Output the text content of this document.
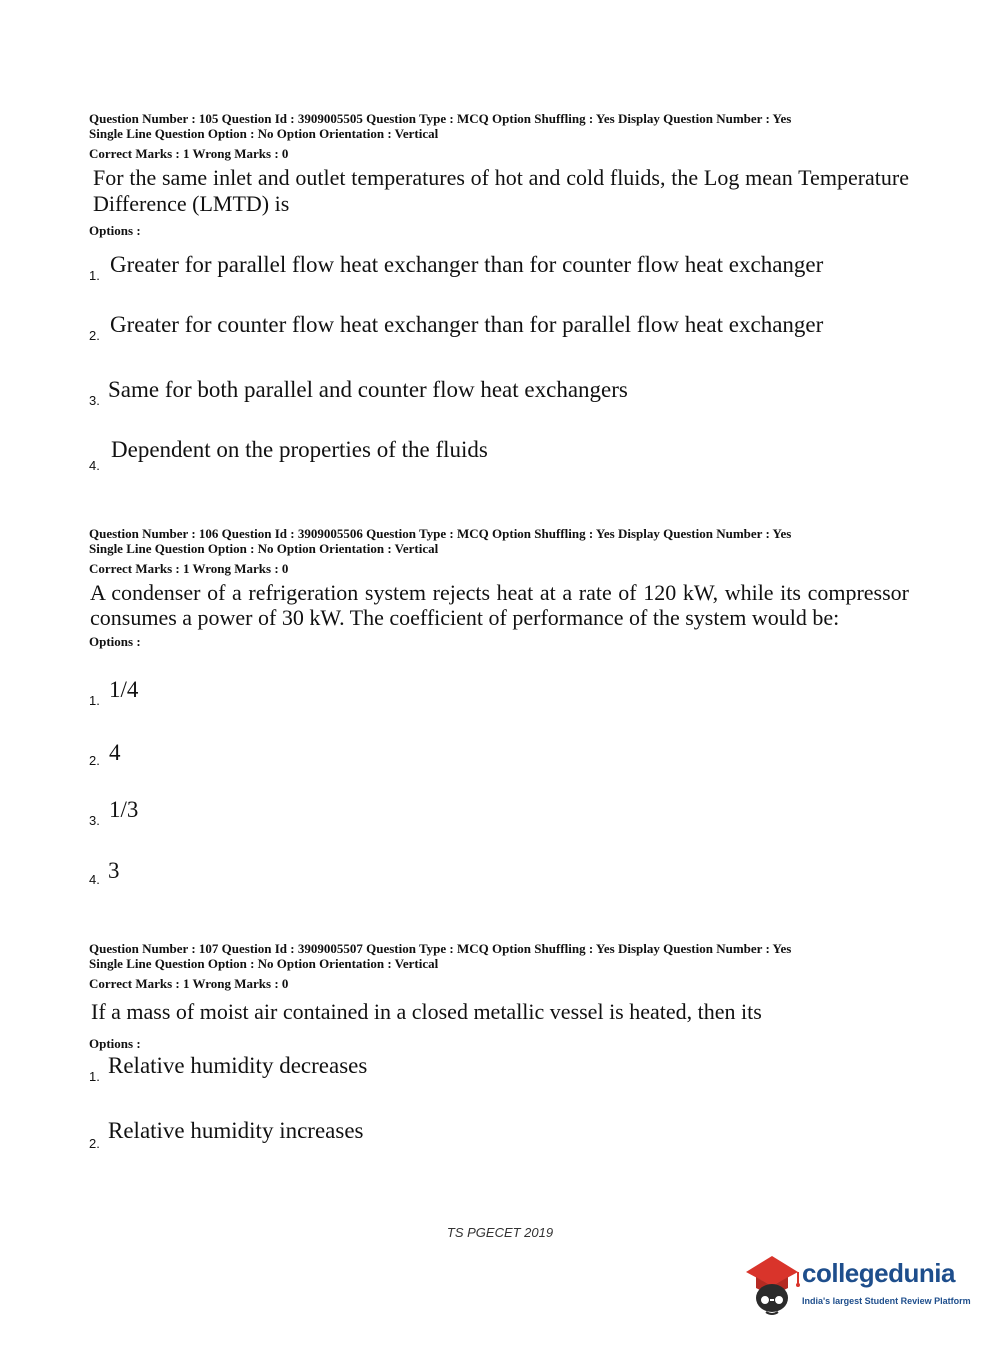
Question Number : 105 Question Id : 3909005505 Question Type : MCQ Option Shuffling : Yes Display Question Number : Yes

Single Line Question Option : No Option Orientation : Vertical

Correct Marks : 1 Wrong Marks : 0

For the same inlet and outlet temperatures of hot and cold fluids, the Log mean Temperature Difference (LMTD) is

Options :

1. Greater for parallel flow heat exchanger than for counter flow heat exchanger
2. Greater for counter flow heat exchanger than for parallel flow heat exchanger
3. Same for both parallel and counter flow heat exchangers
4.
Dependent on the properties of the fluids

Question Number : 106 Question Id : 3909005506 Question Type : MCQ Option Shuffling : Yes Display Question Number : Yes

Single Line Question Option : No Option Orientation : Vertical

Correct Marks : 1 Wrong Marks : 0

A condenser of a refrigeration system rejects heat at a rate of 120 kW, while its compressor consumes a power of 30 kW. The coefficient of performance of the system would be:

Options :

1. 1/4
2. 4
3. 1/3
4. 3

Question Number : 107 Question Id : 3909005507 Question Type : MCQ Option Shuffling : Yes Display Question Number : Yes

Single Line Question Option : No Option Orientation : Vertical

Correct Marks : 1 Wrong Marks : 0

If a mass of moist air contained in a closed metallic vessel is heated, then its

Options :

1. Relative humidity decreases
2.
Relative humidity increases
TS PGECET 2019
collegedunia
India's largest Student Review Platform
